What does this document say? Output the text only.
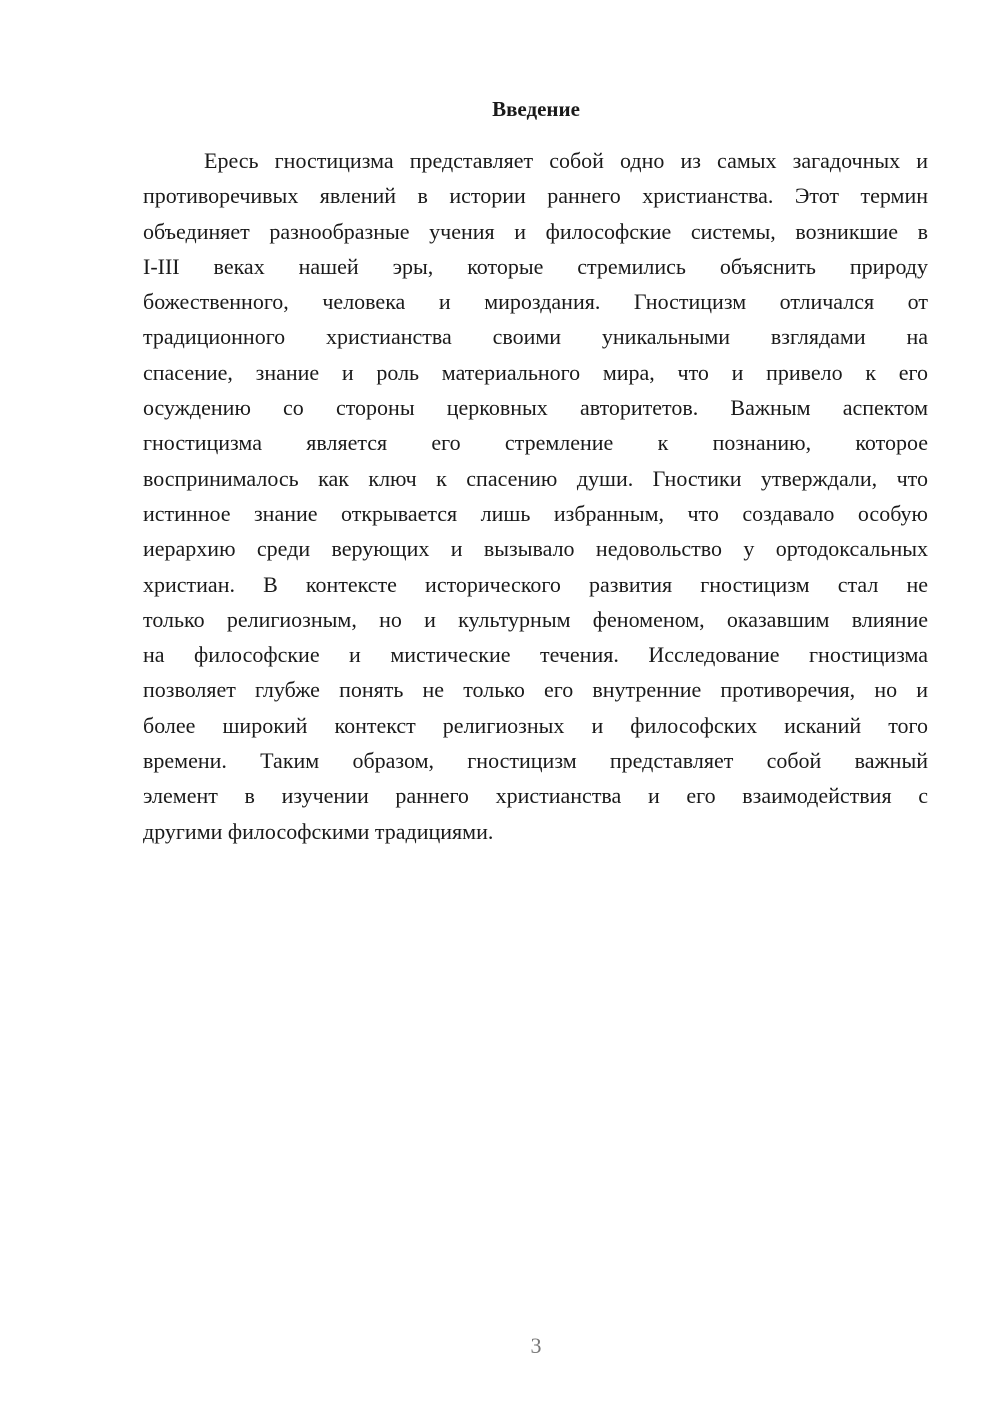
Введение
Ересь гностицизма представляет собой одно из самых загадочных и
противоречивых явлений в истории раннего христианства. Этот термин
объединяет разнообразные учения и философские системы, возникшие в
I-III веках нашей эры, которые стремились объяснить природу
божественного, человека и мироздания. Гностицизм отличался от
традиционного христианства своими уникальными взглядами на
спасение, знание и роль материального мира, что и привело к его
осуждению со стороны церковных авторитетов. Важным аспектом
гностицизма является его стремление к познанию, которое
воспринималось как ключ к спасению души. Гностики утверждали, что
истинное знание открывается лишь избранным, что создавало особую
иерархию среди верующих и вызывало недовольство у ортодоксальных
христиан. В контексте исторического развития гностицизм стал не
только религиозным, но и культурным феноменом, оказавшим влияние
на философские и мистические течения. Исследование гностицизма
позволяет глубже понять не только его внутренние противоречия, но и
более широкий контекст религиозных и философских исканий того
времени. Таким образом, гностицизм представляет собой важный
элемент в изучении раннего христианства и его взаимодействия с
другими философскими традициями.
3
